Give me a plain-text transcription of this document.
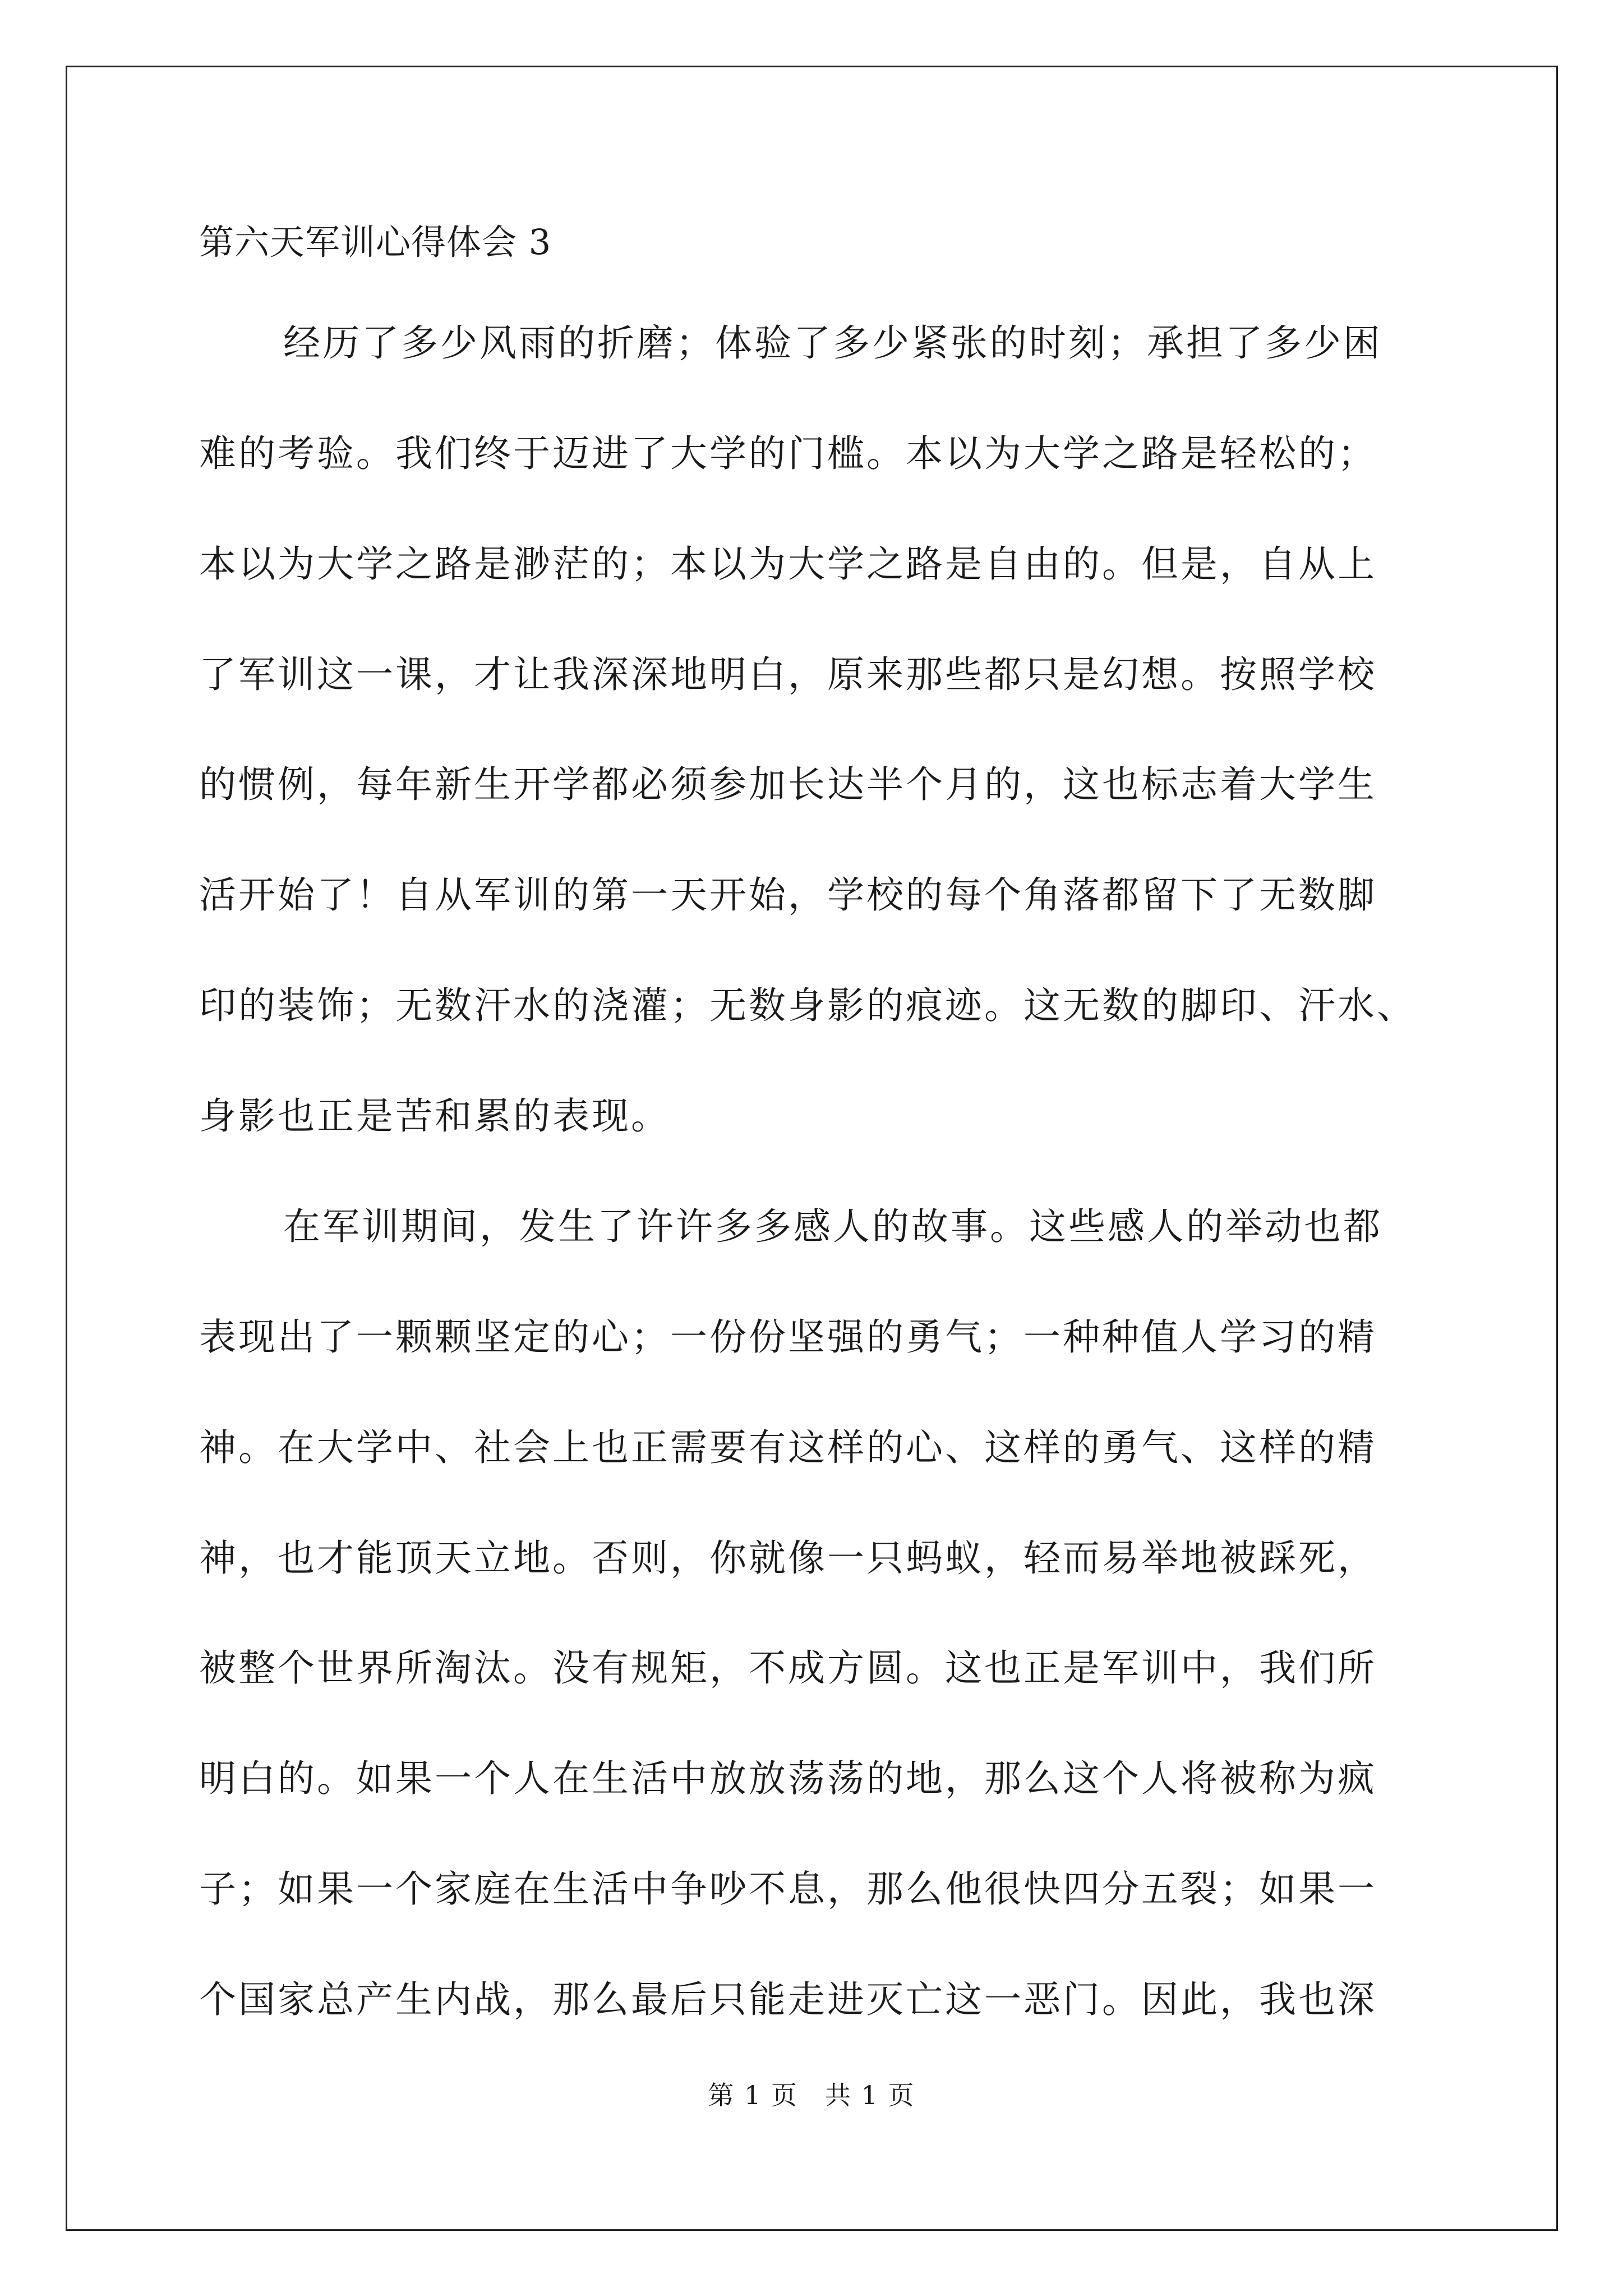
第六天军训心得体会 3
第 1 页　共 1 页
经历了多少风雨的折磨；体验了多少紧张的时刻；承担了多少困
难的考验。我们终于迈进了大学的门槛。本以为大学之路是轻松的；
本以为大学之路是渺茫的；本以为大学之路是自由的。但是，自从上
了军训这一课，才让我深深地明白，原来那些都只是幻想。按照学校
的惯例，每年新生开学都必须参加长达半个月的，这也标志着大学生
活开始了！自从军训的第一天开始，学校的每个角落都留下了无数脚
印的装饰；无数汗水的浇灌；无数身影的痕迹。这无数的脚印、汗水、
身影也正是苦和累的表现。
在军训期间，发生了许许多多感人的故事。这些感人的举动也都
表现出了一颗颗坚定的心；一份份坚强的勇气；一种种值人学习的精
神。在大学中、社会上也正需要有这样的心、这样的勇气、这样的精
神，也才能顶天立地。否则，你就像一只蚂蚁，轻而易举地被踩死，
被整个世界所淘汰。没有规矩，不成方圆。这也正是军训中，我们所
明白的。如果一个人在生活中放放荡荡的地，那么这个人将被称为疯
子；如果一个家庭在生活中争吵不息，那么他很快四分五裂；如果一
个国家总产生内战，那么最后只能走进灭亡这一恶门。因此，我也深
